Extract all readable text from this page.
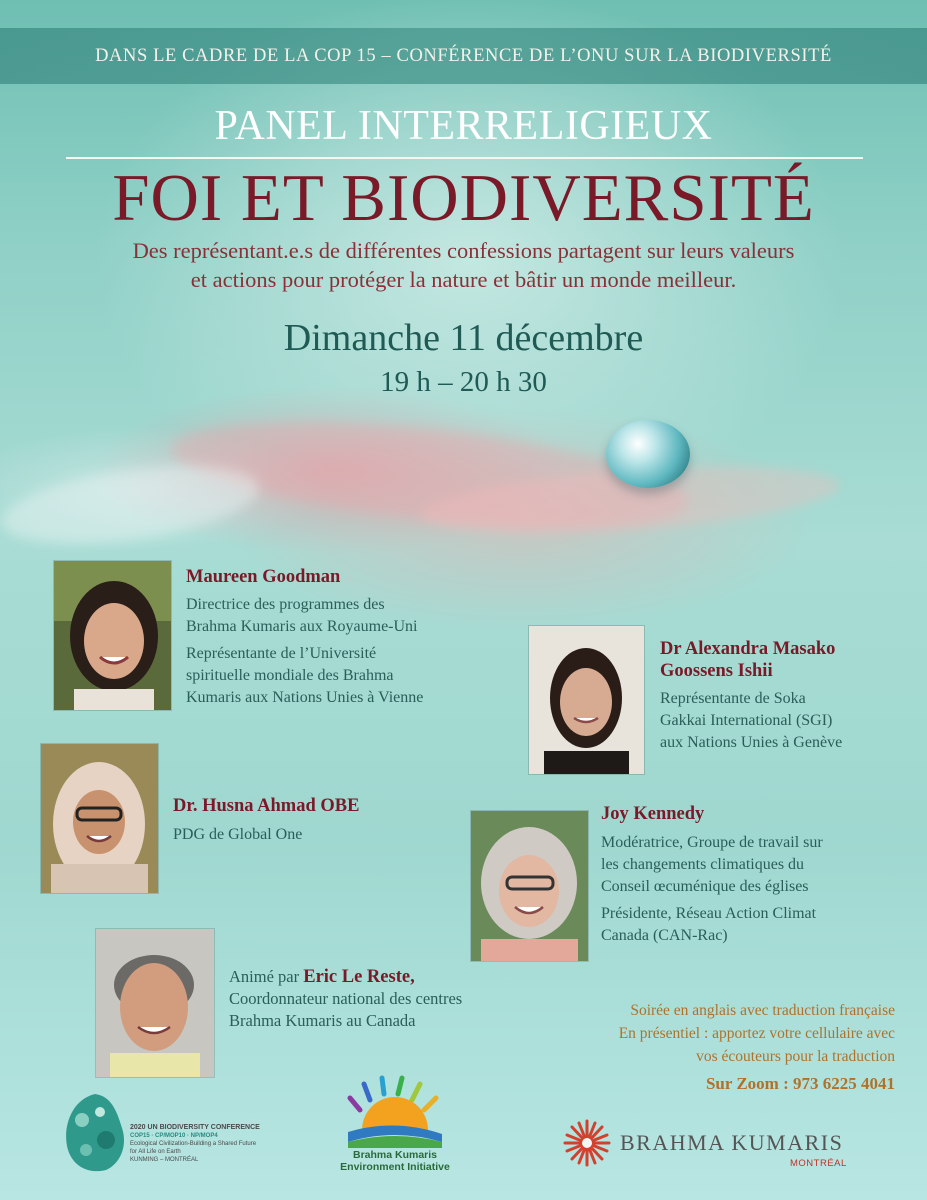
DANS LE CADRE DE LA COP 15 – CONFÉRENCE DE L’ONU SUR LA BIODIVERSITÉ
PANEL INTERRELIGIEUX
FOI ET BIODIVERSITÉ
Des représentant.e.s de différentes confessions partagent sur leurs valeurs
et actions pour protéger la nature et bâtir un monde meilleur.
Dimanche 11 décembre
19 h – 20 h 30
Maureen Goodman

Directrice des programmes des
Brahma Kumaris aux Royaume-Uni

Représentante de l’Université
spirituelle mondiale des Brahma
Kumaris aux Nations Unies à Vienne

Dr Alexandra Masako
Goossens Ishii
Représentante de Soka
Gakkai International (SGI)
aux Nations Unies à Genève
Dr. Husna Ahmad OBE
PDG de Global One
Joy Kennedy

Modératrice, Groupe de travail sur
les changements climatiques du
Conseil œcuménique des églises

Présidente, Réseau Action Climat
Canada (CAN-Rac)

Animé par Eric Le Reste,
Coordonnateur national des centres
Brahma Kumaris au Canada
Soirée en anglais avec traduction française
En présentiel : apportez votre cellulaire avec
vos écouteurs pour la traduction
Sur Zoom : 973 6225 4041
2020 UN BIODIVERSITY CONFERENCE
COP15 · CP/MOP10 · NP/MOP4
Ecological Civilization-Building a Shared Future for All Life on Earth
KUNMING – MONTRÉAL	Brahma Kumaris
Environment Initiative
BRAHMA KUMARIS
MONTRÉAL
